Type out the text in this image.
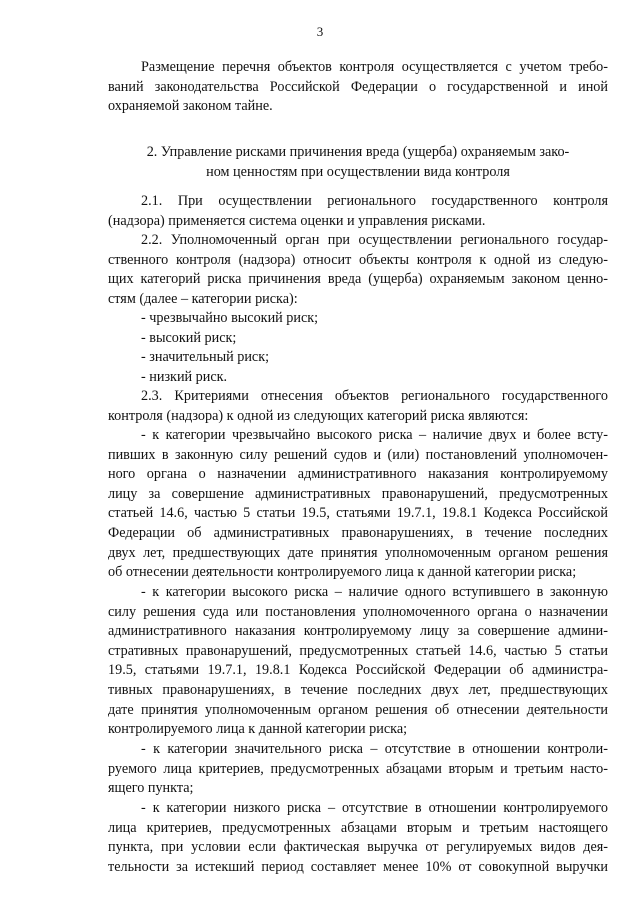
3
Размещение перечня объектов контроля осуществляется с учетом требо-
ваний законодательства Российской Федерации о государственной и иной
охраняемой законом тайне.
2. Управление рисками причинения вреда (ущерба) охраняемым зако-
ном ценностям при осуществлении вида контроля
2.1. При осуществлении регионального государственного контроля
(надзора) применяется система оценки и управления рисками.
2.2. Уполномоченный орган при осуществлении регионального государ-
ственного контроля (надзора) относит объекты контроля к одной из следую-
щих категорий риска причинения вреда (ущерба) охраняемым законом ценно-
стям (далее – категории риска):
- чрезвычайно высокий риск;
- высокий риск;
- значительный риск;
- низкий риск.
2.3. Критериями отнесения объектов регионального государственного
контроля (надзора) к одной из следующих категорий риска являются:
- к категории чрезвычайно высокого риска – наличие двух и более всту-
пивших в законную силу решений судов и (или) постановлений уполномочен-
ного органа о назначении административного наказания контролируемому
лицу за совершение административных правонарушений, предусмотренных
статьей 14.6, частью 5 статьи 19.5, статьями 19.7.1, 19.8.1 Кодекса Российской
Федерации об административных правонарушениях, в течение последних
двух лет, предшествующих дате принятия уполномоченным органом решения
об отнесении деятельности контролируемого лица к данной категории риска;
- к категории высокого риска – наличие одного вступившего в законную
силу решения суда или постановления уполномоченного органа о назначении
административного наказания контролируемому лицу за совершение админи-
стративных правонарушений, предусмотренных статьей 14.6, частью 5 статьи
19.5, статьями 19.7.1, 19.8.1 Кодекса Российской Федерации об администра-
тивных правонарушениях, в течение последних двух лет, предшествующих
дате принятия уполномоченным органом решения об отнесении деятельности
контролируемого лица к данной категории риска;
- к категории значительного риска – отсутствие в отношении контроли-
руемого лица критериев, предусмотренных абзацами вторым и третьим насто-
ящего пункта;
- к категории низкого риска – отсутствие в отношении контролируемого
лица критериев, предусмотренных абзацами вторым и третьим настоящего
пункта, при условии если фактическая выручка от регулируемых видов дея-
тельности за истекший период составляет менее 10% от совокупной выручки
